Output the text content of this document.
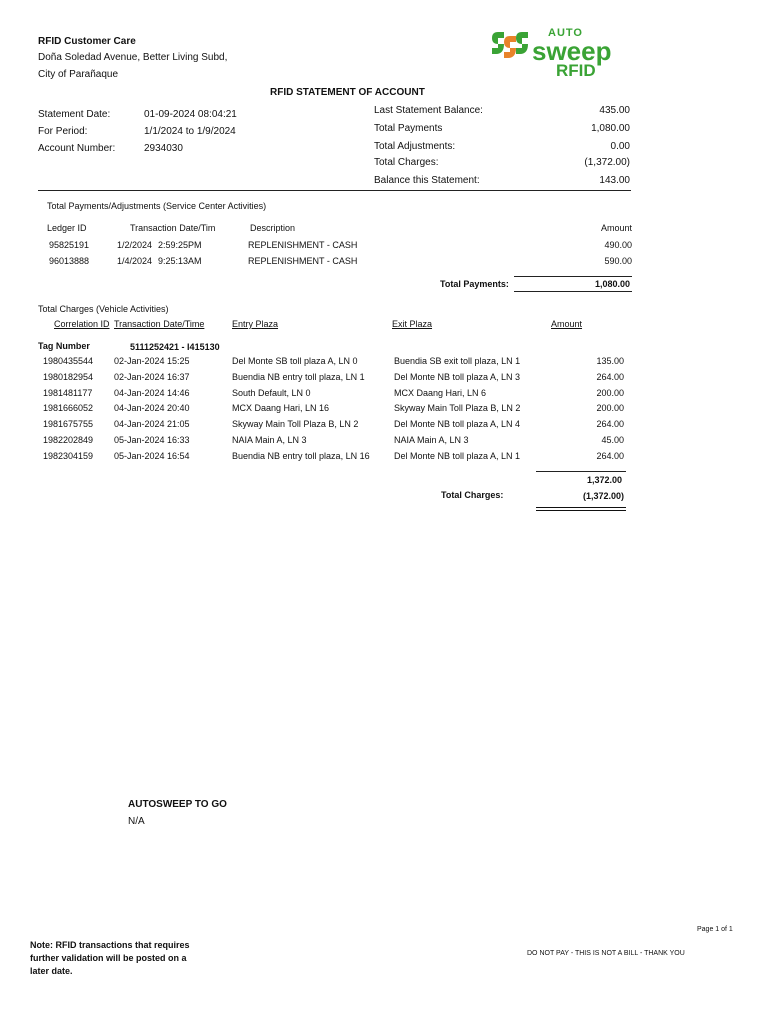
RFID Customer Care
Doña Soledad Avenue, Better Living Subd,
City of Parañaque
AUTO
sweep
RFID
RFID STATEMENT OF ACCOUNT
Statement Date:	01-09-2024 08:04:21
For Period:	1/1/2024 to 1/9/2024
Account Number:	2934030
Last Statement Balance:	435.00
Total Payments	1,080.00
Total Adjustments:	0.00
Total Charges:	(1,372.00)
Balance this Statement:	143.00
Total Payments/Adjustments (Service Center Activities)
Ledger ID	Transaction Date/Tim	Description	Amount
95825191	1/2/2024 2:59:25PM	REPLENISHMENT - CASH	490.00
96013888	1/4/2024 9:25:13AM	REPLENISHMENT - CASH	590.00
Total Payments:	1,080.00
Total Charges (Vehicle Activities)
Correlation ID Transaction Date/Time	Entry Plaza	Exit Plaza	Amount
Tag Number	5111252421 - I415130
1980435544 02-Jan-2024 15:25	Del Monte SB toll plaza A, LN 0	Buendia SB exit toll plaza, LN 1	135.00
1980182954 02-Jan-2024 16:37	Buendia NB entry toll plaza, LN 1	Del Monte NB toll plaza A, LN 3	264.00
1981481177 04-Jan-2024 14:46	South Default, LN 0	MCX Daang Hari, LN 6	200.00
1981666052 04-Jan-2024 20:40	MCX Daang Hari, LN 16	Skyway Main Toll Plaza B, LN 2	200.00
1981675755 04-Jan-2024 21:05	Skyway Main Toll Plaza B, LN 2	Del Monte NB toll plaza A, LN 4	264.00
1982202849 05-Jan-2024 16:33	NAIA Main A, LN 3	NAIA Main A, LN 3	45.00
1982304159 05-Jan-2024 16:54	Buendia NB entry toll plaza, LN 16	Del Monte NB toll plaza A, LN 1	264.00
1,372.00
Total Charges:	(1,372.00)
AUTOSWEEP TO GO
N/A
Page 1 of 1
Note: RFID transactions that requires
further validation will be posted on a
later date.
DO NOT PAY - THIS IS NOT A BILL - THANK YOU
